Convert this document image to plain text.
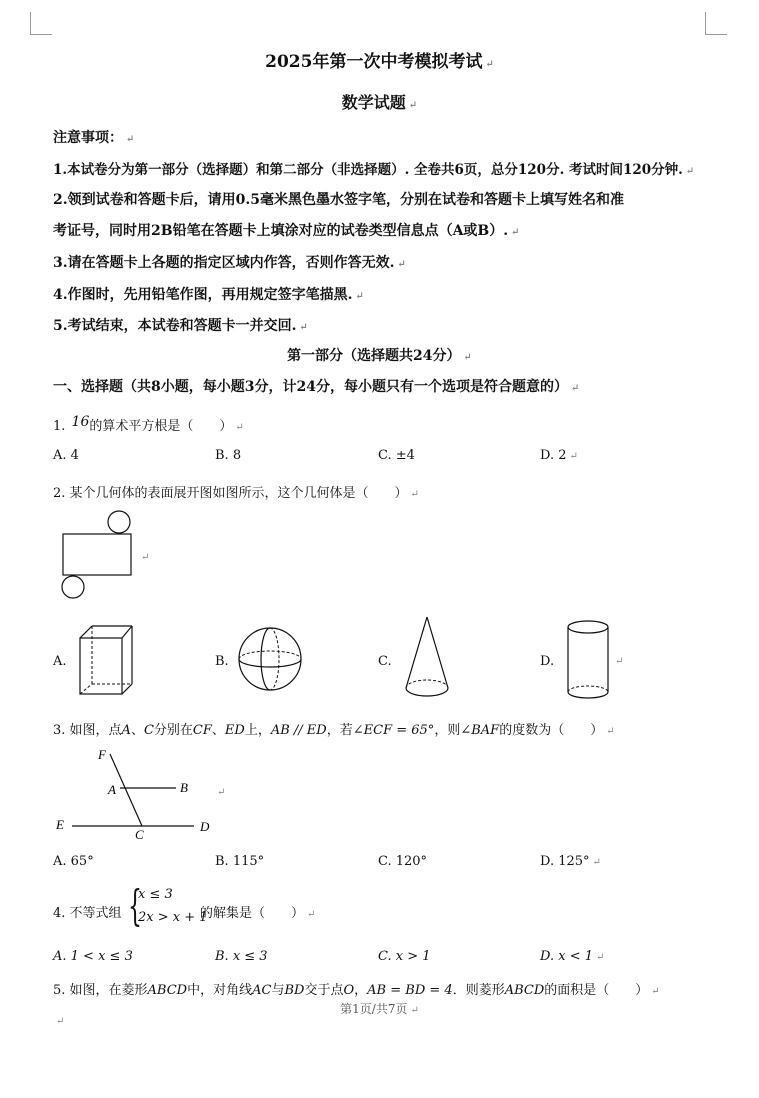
2025年第一次中考模拟考试 ↵
数学试题 ↵
注意事项： ↵
1.本试卷分为第一部分（选择题）和第二部分（非选择题）. 全卷共6页，总分120分. 考试时间120分钟. ↵
2.领到试卷和答题卡后，请用0.5毫米黑色墨水签字笔，分别在试卷和答题卡上填写姓名和准
考证号，同时用2B铅笔在答题卡上填涂对应的试卷类型信息点（A或B）. ↵
3.请在答题卡上各题的指定区域内作答，否则作答无效. ↵
4.作图时，先用铅笔作图，再用规定签字笔描黑. ↵
5.考试结束，本试卷和答题卡一并交回. ↵
第一部分（选择题共24分） ↵
一、选择题（共8小题，每小题3分，计24分，每小题只有一个选项是符合题意的） ↵
1. 16的算术平方根是（　　） ↵
A. 4	B. 8	C. ±4	D. 2 ↵
2. 某个几何体的表面展开图如图所示，这个几何体是（　　） ↵
↵
A.	B.	C.	D.	↵
3. 如图，点A、C分别在CF、ED上，AB // ED，若∠ECF = 65°，则∠BAF的度数为（　　） ↵
F
A	B
E
C
D
↵
A. 65°	B. 115°	C. 120°	D. 125° ↵
4. 不等式组 {
x ≤ 3
2x > x + 1
的解集是（　　） ↵
A. 1 < x ≤ 3	B. x ≤ 3	C. x > 1	D. x < 1 ↵
5. 如图，在菱形ABCD中，对角线AC与BD交于点O，AB = BD = 4．则菱形ABCD的面积是（　　） ↵
第1页/共7页 ↵
↵
